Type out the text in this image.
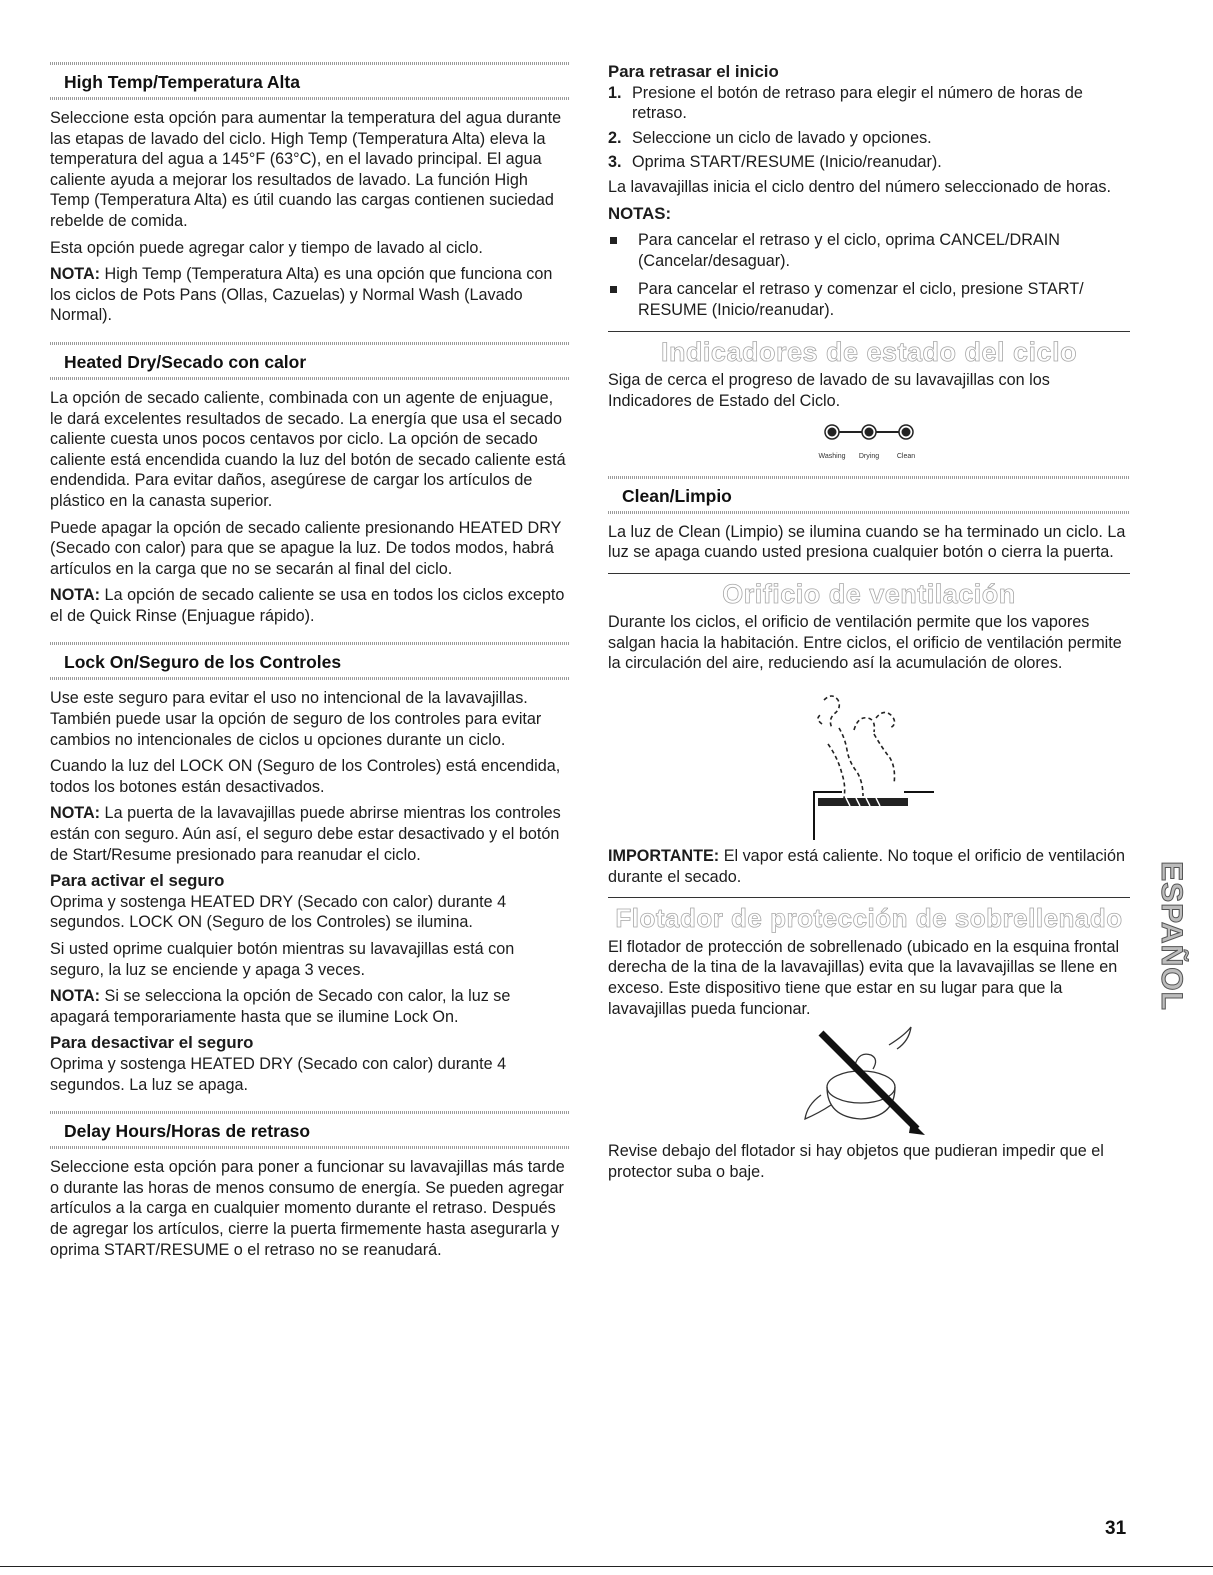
High Temp/Temperatura Alta

Seleccione esta opción para aumentar la temperatura del agua durante las etapas de lavado del ciclo. High Temp (Temperatura Alta) eleva la temperatura del agua a 145°F (63°C), en el lavado principal. El agua caliente ayuda a mejorar los resultados de lavado. La función High Temp (Temperatura Alta) es útil cuando las cargas contienen suciedad rebelde de comida.

Esta opción puede agregar calor y tiempo de lavado al ciclo.

NOTA: High Temp (Temperatura Alta) es una opción que funciona con los ciclos de Pots Pans (Ollas, Cazuelas) y Normal Wash (Lavado Normal).

Heated Dry/Secado con calor

La opción de secado caliente, combinada con un agente de enjuague, le dará excelentes resultados de secado. La energía que usa el secado caliente cuesta unos pocos centavos por ciclo. La opción de secado caliente está encendida cuando la luz del botón de secado caliente está endendida. Para evitar daños, asegúrese de cargar los artículos de plástico en la canasta superior.

Puede apagar la opción de secado caliente presionando HEATED DRY (Secado con calor) para que se apague la luz. De todos modos, habrá artículos en la carga que no se secarán al final del ciclo.

NOTA: La opción de secado caliente se usa en todos los ciclos excepto el de Quick Rinse (Enjuague rápido).

Lock On/Seguro de los Controles

Use este seguro para evitar el uso no intencional de la lavavajillas. También puede usar la opción de seguro de los controles para evitar cambios no intencionales de ciclos u opciones durante un ciclo.

Cuando la luz del LOCK ON (Seguro de los Controles) está encendida, todos los botones están desactivados.

NOTA: La puerta de la lavavajillas puede abrirse mientras los controles están con seguro. Aún así, el seguro debe estar desactivado y el botón de Start/Resume presionado para reanudar el ciclo.

Para activar el seguro

Oprima y sostenga HEATED DRY (Secado con calor) durante 4 segundos. LOCK ON (Seguro de los Controles) se ilumina.

Si usted oprime cualquier botón mientras su lavavajillas está con seguro, la luz se enciende y apaga 3 veces.

NOTA: Si se selecciona la opción de Secado con calor, la luz se apagará temporariamente hasta que se ilumine Lock On.

Para desactivar el seguro

Oprima y sostenga HEATED DRY (Secado con calor) durante 4 segundos. La luz se apaga.

Delay Hours/Horas de retraso

Seleccione esta opción para poner a funcionar su lavavajillas más tarde o durante las horas de menos consumo de energía. Se pueden agregar artículos a la carga en cualquier momento durante el retraso. Después de agregar los artículos, cierre la puerta firmemente hasta asegurarla y oprima START/RESUME o el retraso no se reanudará.

Para retrasar el inicio

1. Presione el botón de retraso para elegir el número de horas de retraso.
2. Seleccione un ciclo de lavado y opciones.
3. Oprima START/RESUME (Inicio/reanudar).

La lavavajillas inicia el ciclo dentro del número seleccionado de horas.

NOTAS:

Para cancelar el retraso y el ciclo, oprima CANCEL/DRAIN (Cancelar/desaguar).
Para cancelar el retraso y comenzar el ciclo, presione START/ RESUME (Inicio/reanudar).
Indicadores de estado del ciclo

Siga de cerca el progreso de lavado de su lavavajillas con los Indicadores de Estado del Ciclo.

Washing Drying	Clean
Clean/Limpio

La luz de Clean (Limpio) se ilumina cuando se ha terminado un ciclo. La luz se apaga cuando usted presiona cualquier botón o cierra la puerta.

Orificio de ventilación

Durante los ciclos, el orificio de ventilación permite que los vapores salgan hacia la habitación. Entre ciclos, el orificio de ventilación permite la circulación del aire, reduciendo así la acumulación de olores.

IMPORTANTE: El vapor está caliente. No toque el orificio de ventilación durante el secado.

Flotador de protección de sobrellenado

El flotador de protección de sobrellenado (ubicado en la esquina frontal derecha de la tina de la lavavajillas) evita que la lavavajillas se llene en exceso. Este dispositivo tiene que estar en su lugar para que la lavavajillas pueda funcionar.

Revise debajo del flotador si hay objetos que pudieran impedir que el protector suba o baje.

ESPAÑOL
31
